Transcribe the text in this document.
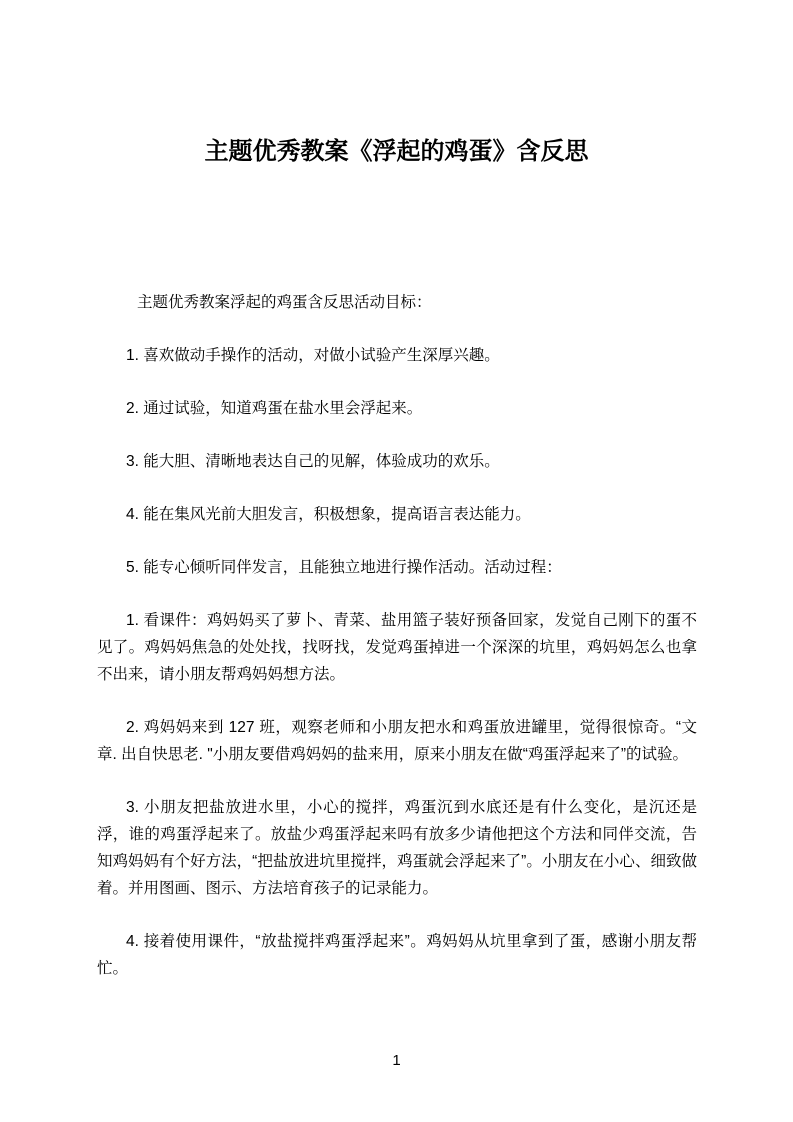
主题优秀教案《浮起的鸡蛋》含反思

主题优秀教案浮起的鸡蛋含反思活动目标：

1. 喜欢做动手操作的活动，对做小试验产生深厚兴趣。

2. 通过试验，知道鸡蛋在盐水里会浮起来。

3. 能大胆、清晰地表达自己的见解，体验成功的欢乐。

4. 能在集风光前大胆发言，积极想象，提高语言表达能力。

5. 能专心倾听同伴发言，且能独立地进行操作活动。活动过程：

1. 看课件：鸡妈妈买了萝卜、青菜、盐用篮子装好预备回家，发觉自己刚下的蛋不见了。鸡妈妈焦急的处处找，找呀找，发觉鸡蛋掉进一个深深的坑里，鸡妈妈怎么也拿不出来，请小朋友帮鸡妈妈想方法。

2. 鸡妈妈来到 127 班，观察老师和小朋友把水和鸡蛋放进罐里，觉得很惊奇。“文章. 出自快思老. "小朋友要借鸡妈妈的盐来用，原来小朋友在做“鸡蛋浮起来了”的试验。

3. 小朋友把盐放进水里，小心的搅拌，鸡蛋沉到水底还是有什么变化，是沉还是浮，谁的鸡蛋浮起来了。放盐少鸡蛋浮起来吗有放多少请他把这个方法和同伴交流，告知鸡妈妈有个好方法，“把盐放进坑里搅拌，鸡蛋就会浮起来了”。小朋友在小心、细致做着。并用图画、图示、方法培育孩子的记录能力。

4. 接着使用课件，“放盐搅拌鸡蛋浮起来”。鸡妈妈从坑里拿到了蛋，感谢小朋友帮忙。

1
